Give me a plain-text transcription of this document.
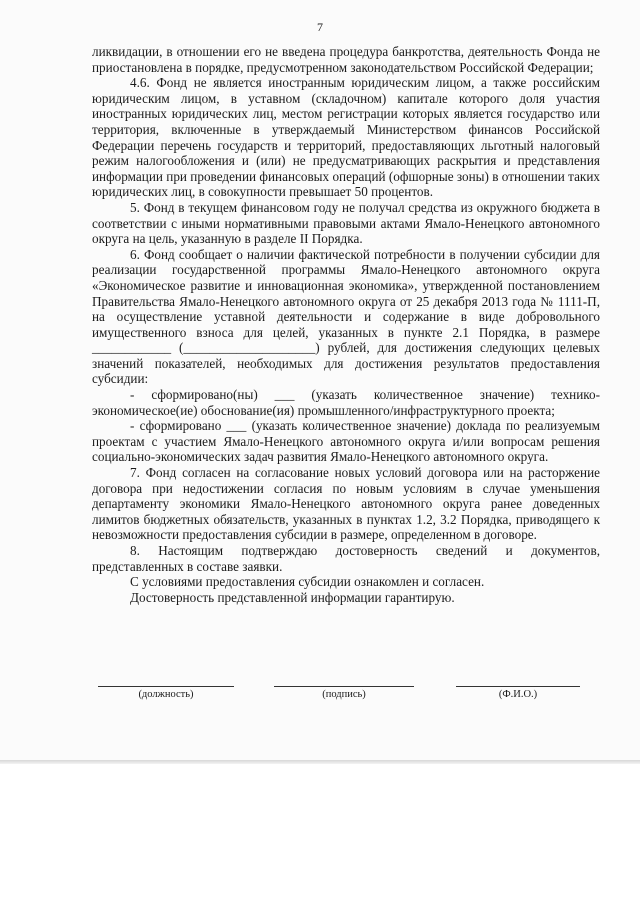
7

ликвидации, в отношении его не введена процедура банкротства, деятельность Фонда не приостановлена в порядке, предусмотренном законодательством Российской Федерации;

4.6. Фонд не является иностранным юридическим лицом, а также российским юридическим лицом, в уставном (складочном) капитале которого доля участия иностранных юридических лиц, местом регистрации которых является государство или территория, включенные в утверждаемый Министерством финансов Российской Федерации перечень государств и территорий, предоставляющих льготный налоговый режим налогообложения и (или) не предусматривающих раскрытия и представления информации при проведении финансовых операций (офшорные зоны) в отношении таких юридических лиц, в совокупности превышает 50 процентов.

5. Фонд в текущем финансовом году не получал средства из окружного бюджета в соответствии с иными нормативными правовыми актами Ямало-Ненецкого автономного округа на цель, указанную в разделе II Порядка.

6. Фонд сообщает о наличии фактической потребности в получении субсидии для реализации государственной программы Ямало-Ненецкого автономного округа «Экономическое развитие и инновационная экономика», утвержденной постановлением Правительства Ямало-Ненецкого автономного округа от 25 декабря 2013 года № 1111-П, на осуществление уставной деятельности и содержание в виде добровольного имущественного взноса для целей, указанных в пункте 2.1 Порядка, в размере ____________ (____________________) рублей, для достижения следующих целевых значений показателей, необходимых для достижения результатов предоставления субсидии:

- сформировано(ны) ___ (указать количественное значение) технико-экономическое(ие) обоснование(ия) промышленного/инфраструктурного проекта;

- сформировано ___ (указать количественное значение) доклада по реализуемым проектам с участием Ямало-Ненецкого автономного округа и/или вопросам решения социально-экономических задач развития Ямало-Ненецкого автономного округа.

7. Фонд согласен на согласование новых условий договора или на расторжение договора при недостижении согласия по новым условиям в случае уменьшения департаменту экономики Ямало-Ненецкого автономного округа ранее доведенных лимитов бюджетных обязательств, указанных в пунктах 1.2, 3.2 Порядка, приводящего к невозможности предоставления субсидии в размере, определенном в договоре.

8. Настоящим подтверждаю достоверность сведений и документов, представленных в составе заявки.

С условиями предоставления субсидии ознакомлен и согласен.

Достоверность представленной информации гарантирую.

(должность)	(подпись)	(Ф.И.О.)
